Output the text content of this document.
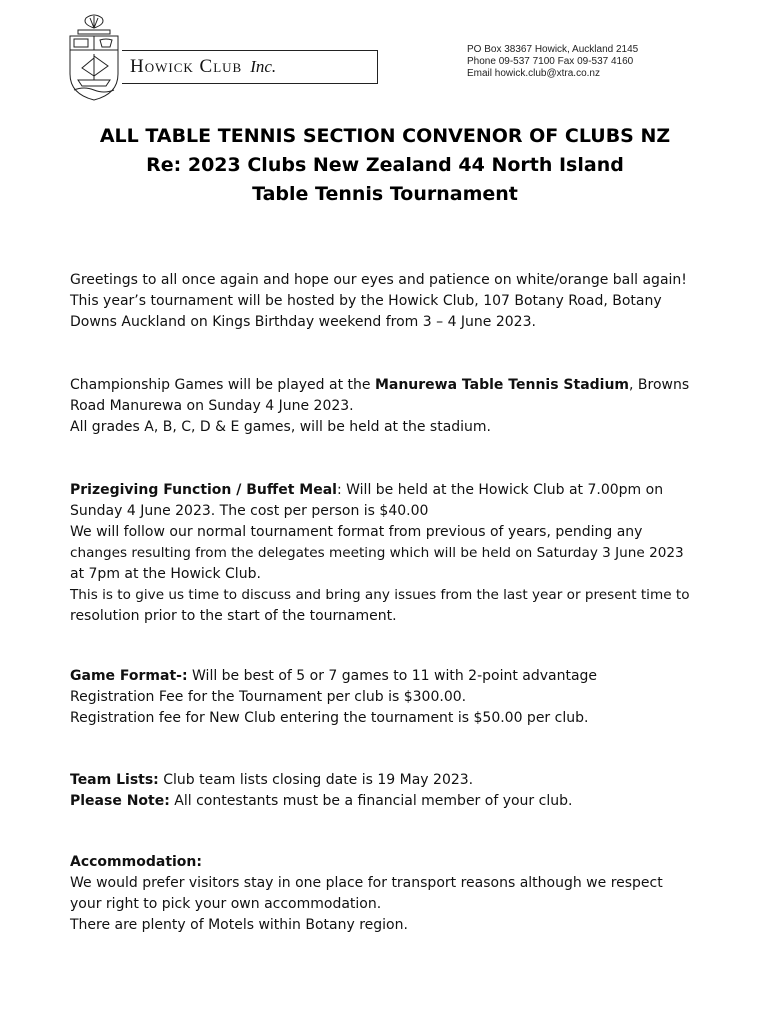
Howick Club Inc.
PO Box 38367 Howick, Auckland 2145
Phone 09-537 7100 Fax 09-537 4160
Email howick.club@xtra.co.nz
ALL TABLE TENNIS SECTION CONVENOR OF CLUBS NZ
Re: 2023 Clubs New Zealand 44 North Island
Table Tennis Tournament

Greetings to all once again and hope our eyes and patience on white/orange ball again!
This year’s tournament will be hosted by the Howick Club, 107 Botany Road, Botany
Downs Auckland on Kings Birthday weekend from 3 – 4 June 2023.

Championship Games will be played at the Manurewa Table Tennis Stadium, Browns
Road Manurewa on Sunday 4 June 2023.
All grades A, B, C, D & E games, will be held at the stadium.

Prizegiving Function / Buffet Meal: Will be held at the Howick Club at 7.00pm on
Sunday 4 June 2023. The cost per person is $40.00
We will follow our normal tournament format from previous of years, pending any
changes resulting from the delegates meeting which will be held on Saturday 3 June 2023
at 7pm at the Howick Club.
This is to give us time to discuss and bring any issues from the last year or present time to
resolution prior to the start of the tournament.

Game Format-: Will be best of 5 or 7 games to 11 with 2-point advantage
Registration Fee for the Tournament per club is $300.00.
Registration fee for New Club entering the tournament is $50.00 per club.

Team Lists: Club team lists closing date is 19 May 2023.
Please Note: All contestants must be a financial member of your club.

Accommodation:
We would prefer visitors stay in one place for transport reasons although we respect
your right to pick your own accommodation.
There are plenty of Motels within Botany region.
